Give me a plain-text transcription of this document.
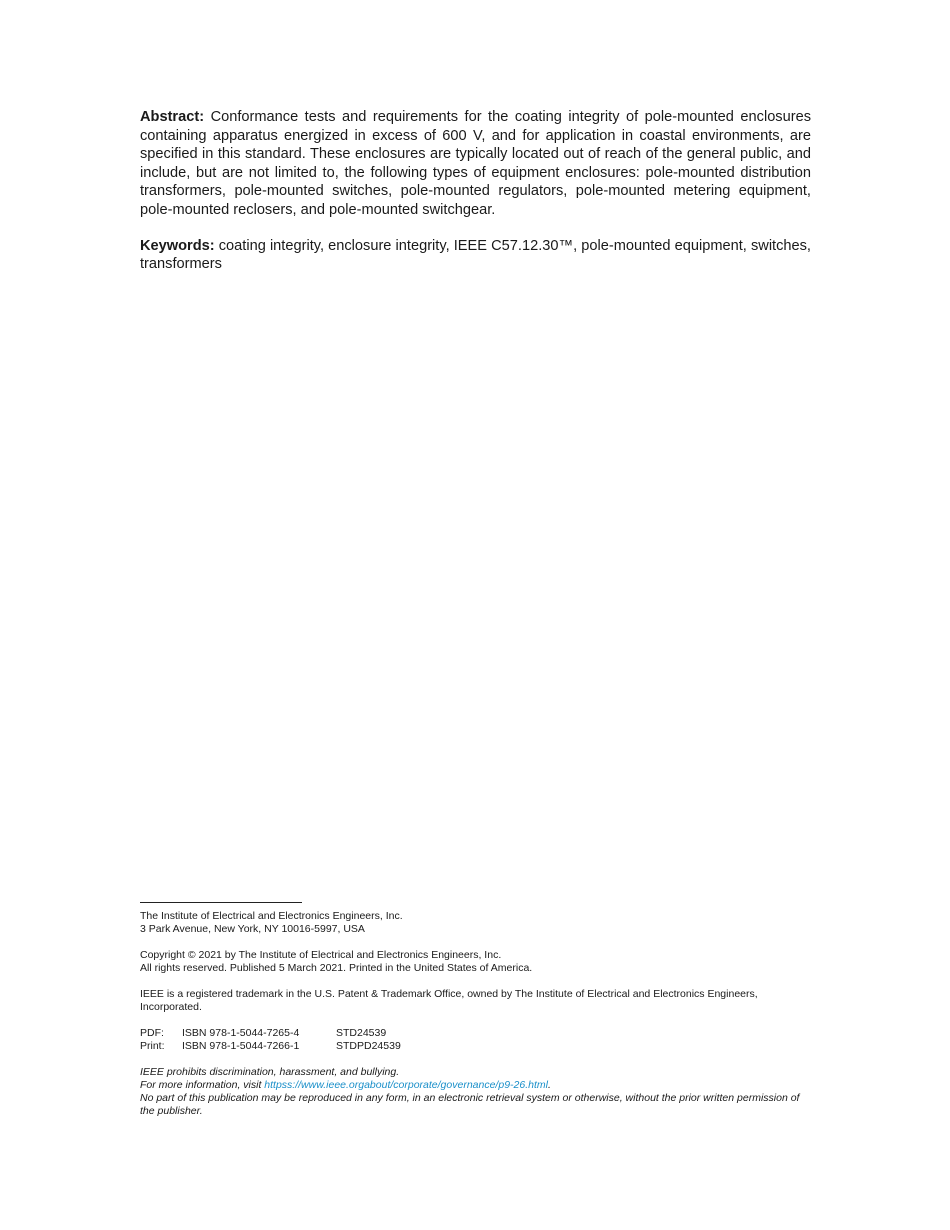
Abstract: Conformance tests and requirements for the coating integrity of pole-mounted enclosures containing apparatus energized in excess of 600 V, and for application in coastal environments, are specified in this standard. These enclosures are typically located out of reach of the general public, and include, but are not limited to, the following types of equipment enclosures: pole-mounted distribution transformers, pole-mounted switches, pole-mounted regulators, pole-mounted metering equipment, pole-mounted reclosers, and pole-mounted switchgear.

Keywords: coating integrity, enclosure integrity, IEEE C57.12.30™, pole-mounted equipment, switches, transformers

The Institute of Electrical and Electronics Engineers, Inc.
3 Park Avenue, New York, NY 10016-5997, USA
Copyright © 2021 by The Institute of Electrical and Electronics Engineers, Inc.
All rights reserved. Published 5 March 2021. Printed in the United States of America.
IEEE is a registered trademark in the U.S. Patent & Trademark Office, owned by The Institute of Electrical and Electronics Engineers, Incorporated.
PDF:	ISBN 978-1-5044-7265-4	STD24539
Print:	ISBN 978-1-5044-7266-1	STDPD24539
IEEE prohibits discrimination, harassment, and bullying.
For more information, visit httpss://www.ieee.orgabout/corporate/governance/p9-26.html.
No part of this publication may be reproduced in any form, in an electronic retrieval system or otherwise, without the prior written permission of the publisher.
